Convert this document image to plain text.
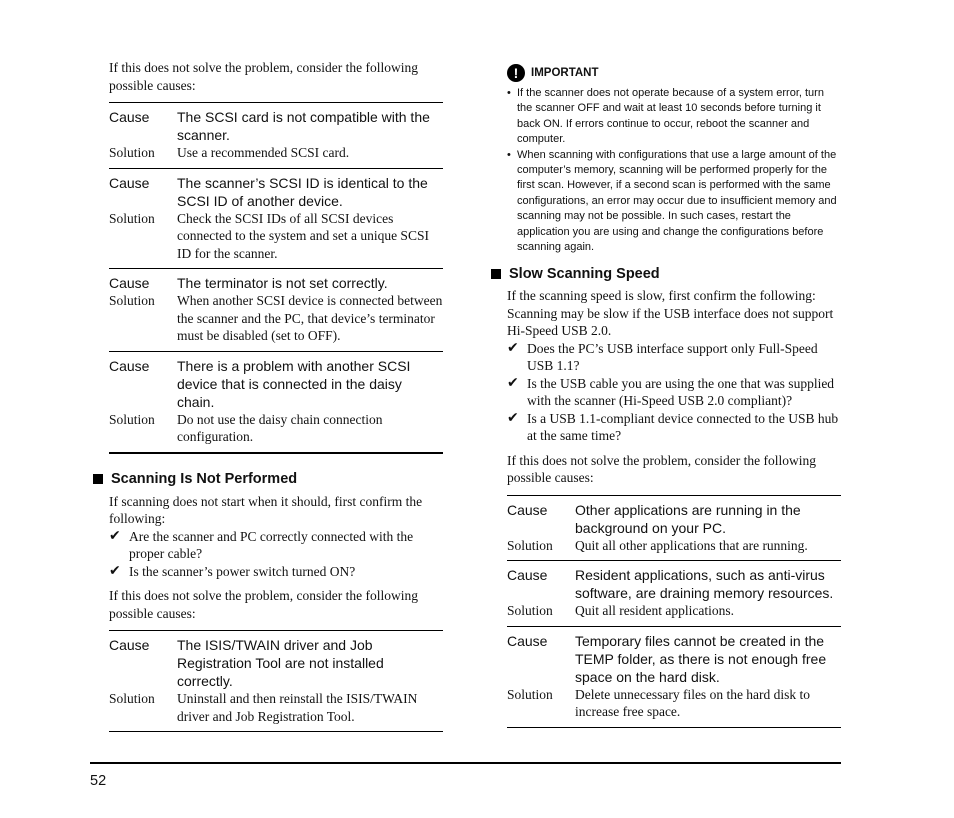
If this does not solve the problem, consider the following possible causes:

Cause	The SCSI card is not compatible with the scanner.
Solution	Use a recommended SCSI card.
Cause	The scanner’s SCSI ID is identical to the SCSI ID of another device.
Solution	Check the SCSI IDs of all SCSI devices connected to the system and set a unique SCSI ID for the scanner.
Cause	The terminator is not set correctly.
Solution	When another SCSI device is connected between the scanner and the PC, that device’s terminator must be disabled (set to OFF).
Cause	There is a problem with another SCSI device that is connected in the daisy chain.
Solution	Do not use the daisy chain connection configuration.
Scanning Is Not Performed

If scanning does not start when it should, first confirm the following:

✔ Are the scanner and PC correctly connected with the proper cable?
✔ Is the scanner’s power switch turned ON?

If this does not solve the problem, consider the following possible causes:

Cause	The ISIS/TWAIN driver and Job Registration Tool are not installed correctly.
Solution	Uninstall and then reinstall the ISIS/TWAIN driver and Job Registration Tool.
!	IMPORTANT
• If the scanner does not operate because of a system error, turn the scanner OFF and wait at least 10 seconds before turning it back ON. If errors continue to occur, reboot the scanner and computer.
• When scanning with configurations that use a large amount of the computer’s memory, scanning will be performed properly for the first scan. However, if a second scan is performed with the same configurations, an error may occur due to insufficient memory and scanning may not be possible. In such cases, restart the application you are using and change the configurations before scanning again.
Slow Scanning Speed

If the scanning speed is slow, first confirm the following: Scanning may be slow if the USB interface does not support Hi-Speed USB 2.0.

✔ Does the PC’s USB interface support only Full-Speed USB 1.1?
✔ Is the USB cable you are using the one that was supplied with the scanner (Hi-Speed USB 2.0 compliant)?
✔ Is a USB 1.1-compliant device connected to the USB hub at the same time?

If this does not solve the problem, consider the following possible causes:

Cause	Other applications are running in the background on your PC.
Solution	Quit all other applications that are running.
Cause	Resident applications, such as anti-virus software, are draining memory resources.
Solution	Quit all resident applications.
Cause	Temporary files cannot be created in the TEMP folder, as there is not enough free space on the hard disk.
Solution	Delete unnecessary files on the hard disk to increase free space.
52
